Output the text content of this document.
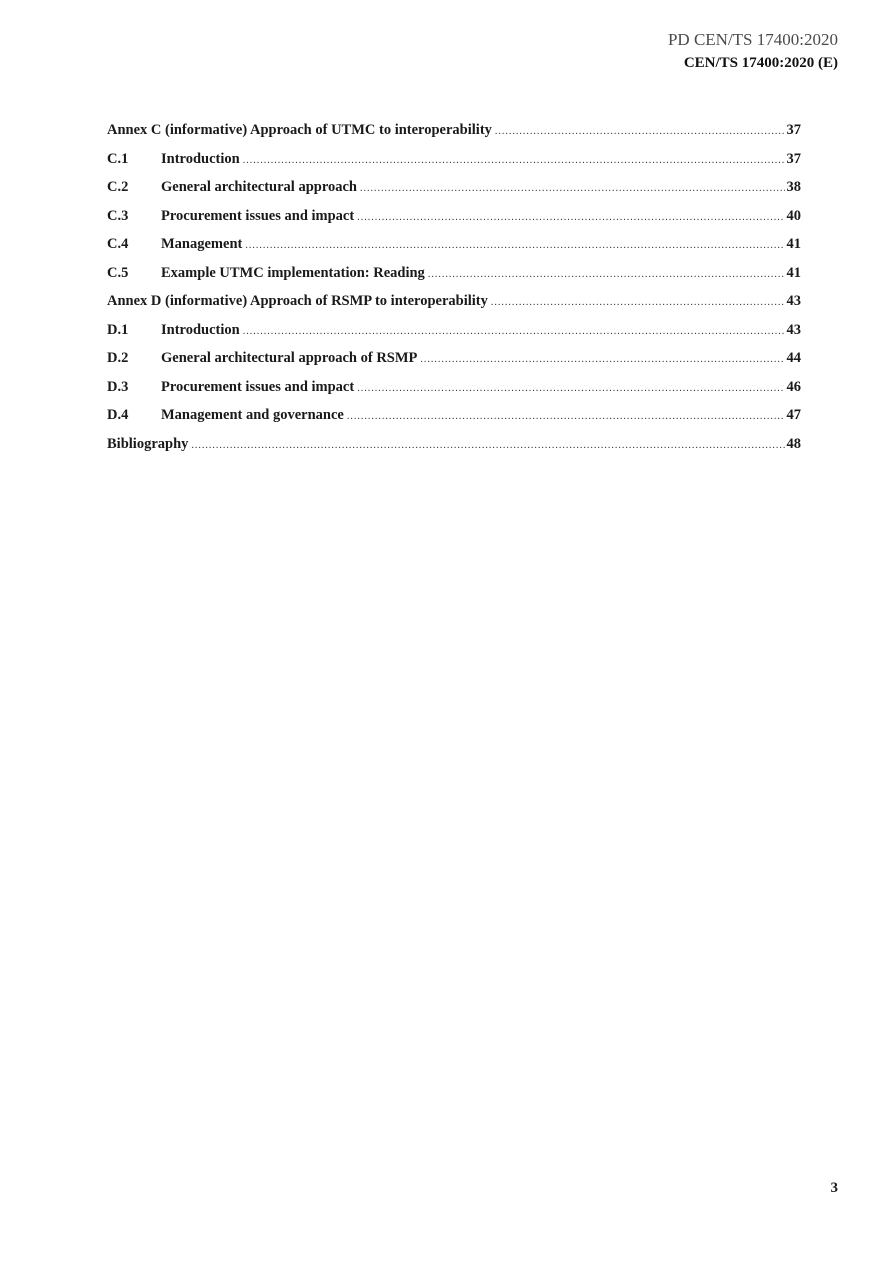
PD CEN/TS 17400:2020
CEN/TS 17400:2020 (E)
Annex C (informative) Approach of UTMC to interoperability .....	37
C.1	Introduction .....	37
C.2	General architectural approach .....	38
C.3	Procurement issues and impact .....	40
C.4	Management .....	41
C.5	Example UTMC implementation: Reading .....	41
Annex D (informative) Approach of RSMP to interoperability .....	43
D.1	Introduction .....	43
D.2	General architectural approach of RSMP .....	44
D.3	Procurement issues and impact .....	46
D.4	Management and governance .....	47
Bibliography .....	48
3
